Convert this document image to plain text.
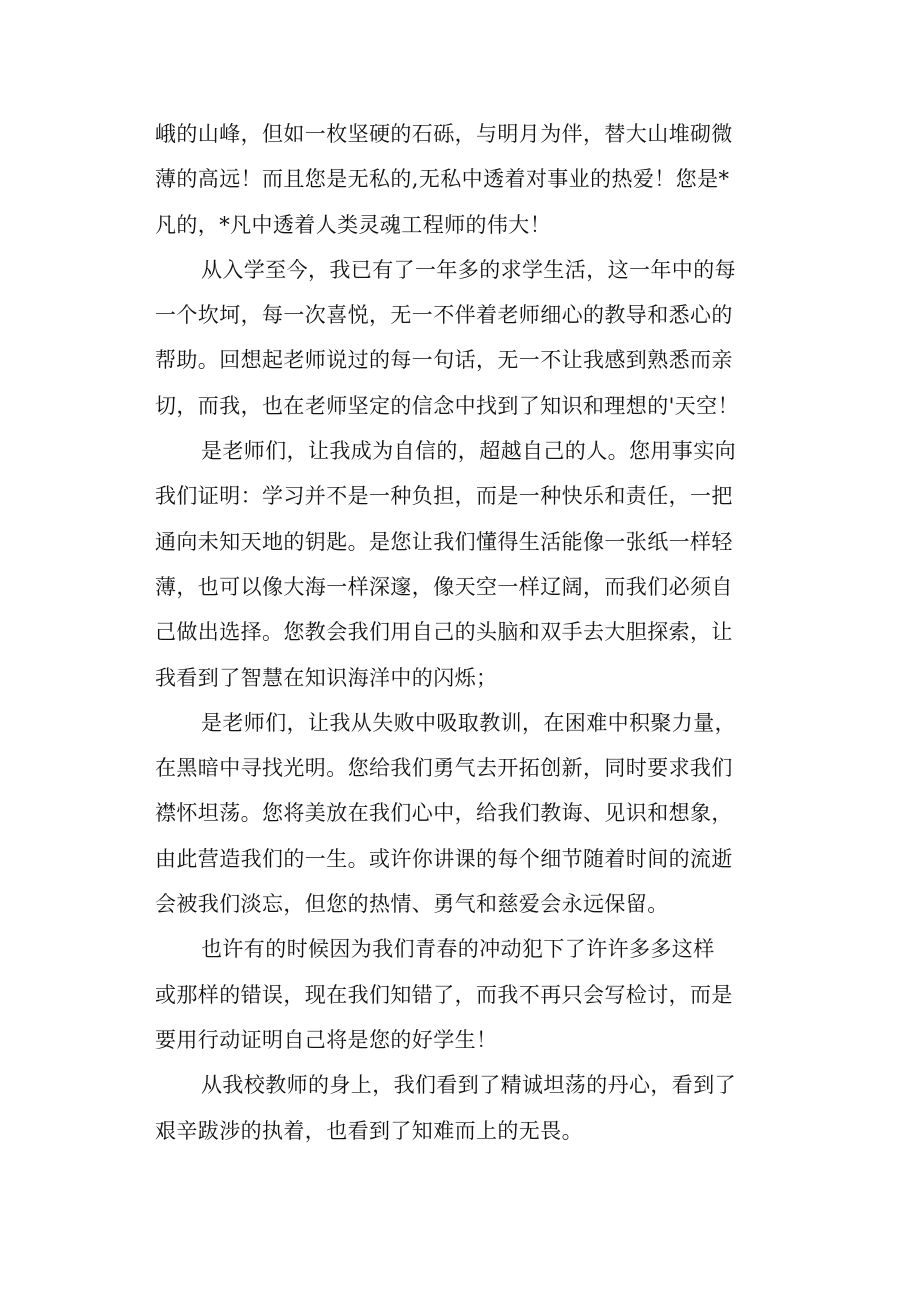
峨的山峰，但如一枚坚硬的石砾，与明月为伴，替大山堆砌微
薄的高远！而且您是无私的,无私中透着对事业的热爱！您是*
凡的，*凡中透着人类灵魂工程师的伟大！

从入学至今，我已有了一年多的求学生活，这一年中的每
一个坎坷，每一次喜悦，无一不伴着老师细心的教导和悉心的
帮助。回想起老师说过的每一句话，无一不让我感到熟悉而亲
切，而我，也在老师坚定的信念中找到了知识和理想的'天空！

是老师们，让我成为自信的，超越自己的人。您用事实向
我们证明：学习并不是一种负担，而是一种快乐和责任，一把
通向未知天地的钥匙。是您让我们懂得生活能像一张纸一样轻
薄，也可以像大海一样深邃，像天空一样辽阔，而我们必须自
己做出选择。您教会我们用自己的头脑和双手去大胆探索，让
我看到了智慧在知识海洋中的闪烁；

是老师们，让我从失败中吸取教训，在困难中积聚力量，
在黑暗中寻找光明。您给我们勇气去开拓创新，同时要求我们
襟怀坦荡。您将美放在我们心中，给我们教诲、见识和想象，
由此营造我们的一生。或许你讲课的每个细节随着时间的流逝
会被我们淡忘，但您的热情、勇气和慈爱会永远保留。

也许有的时候因为我们青春的冲动犯下了许许多多这样
或那样的错误，现在我们知错了，而我不再只会写检讨，而是
要用行动证明自己将是您的好学生！

从我校教师的身上，我们看到了精诚坦荡的丹心，看到了
艰辛跋涉的执着，也看到了知难而上的无畏。
